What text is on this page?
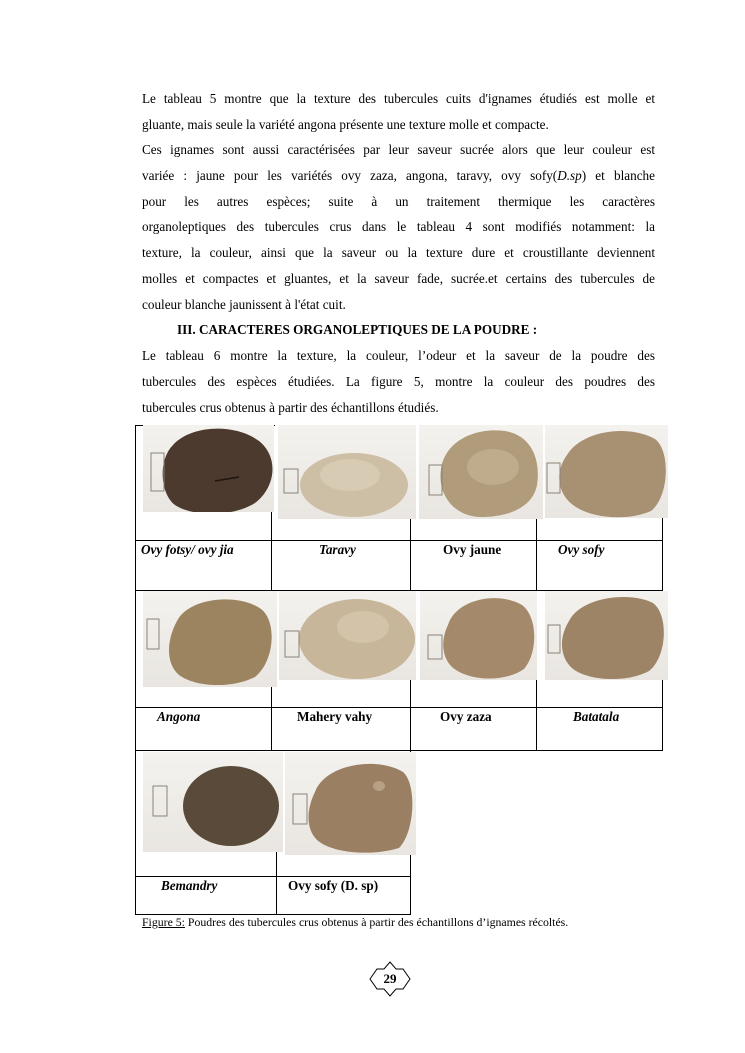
Le tableau 5 montre que la texture des tubercules cuits d'ignames étudiés est molle et
gluante, mais seule la variété angona présente une texture molle et compacte.
Ces ignames sont aussi caractérisées par leur saveur sucrée alors que leur couleur est
variée : jaune pour les variétés ovy zaza, angona, taravy, ovy sofy(D.sp) et blanche
pour les autres espèces; suite à un traitement thermique les caractères
organoleptiques des tubercules crus dans le tableau 4 sont modifiés notamment: la
texture, la couleur, ainsi que la saveur ou la texture dure et croustillante deviennent
molles et compactes et gluantes, et la saveur fade, sucrée.et certains des tubercules de
couleur blanche jaunissent à l'état cuit.
III. CARACTERES ORGANOLEPTIQUES DE LA POUDRE :
Le tableau 6 montre la texture, la couleur, l’odeur et la saveur de la poudre des
tubercules des espèces étudiées. La figure 5, montre la couleur des poudres des
tubercules crus obtenus à partir des échantillons étudiés.
Ovy fotsy/ ovy jia	Taravy	Ovy jaune	Ovy sofy
Angona	Mahery vahy	Ovy zaza	Batatala
Bemandry	Ovy sofy (D. sp)
Figure 5: Poudres des tubercules crus obtenus à partir des échantillons d’ignames récoltés.
29
